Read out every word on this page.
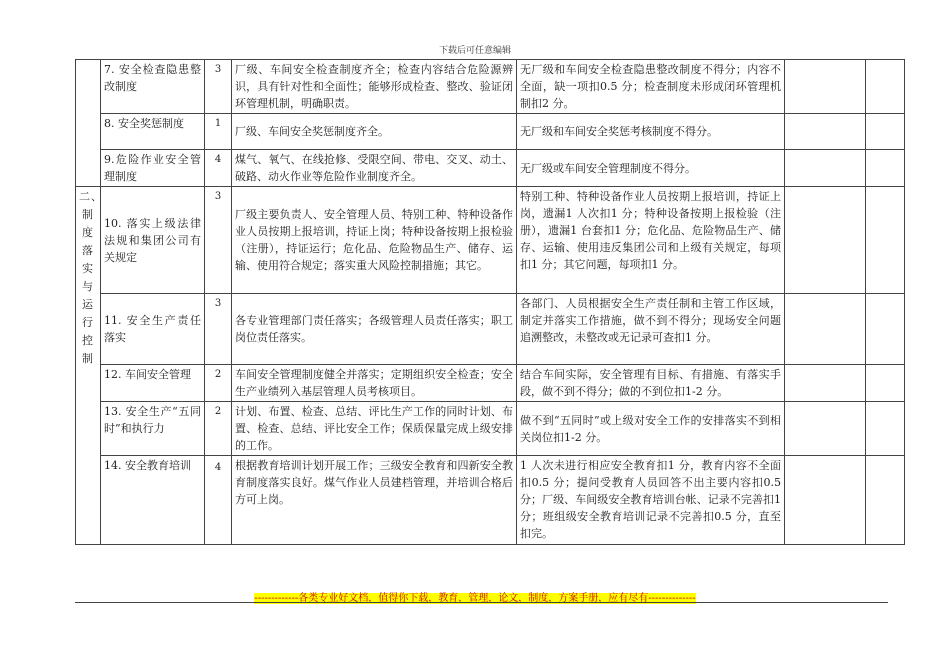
下载后可任意编辑
	7. 安全检查隐患整改制度	3	厂级、车间安全检查制度齐全；检查内容结合危险源辨识，具有针对性和全面性；能够形成检查、整改、验证闭环管理机制，明确职责。	无厂级和车间安全检查隐患整改制度不得分；内容不全面，缺一项扣0.5 分；检查制度未形成闭环管理机制扣2 分。		
	8. 安全奖惩制度	1	厂级、车间安全奖惩制度齐全。	无厂级和车间安全奖惩考核制度不得分。		
	9.危险作业安全管理制度	4	煤气、氧气、在线抢修、受限空间、带电、交叉、动土、破路、动火作业等危险作业制度齐全。	无厂级或车间安全管理制度不得分。		
二、制度落实与运行控制	10. 落实上级法律法规和集团公司有关规定	3	厂级主要负责人、安全管理人员、特别工种、特种设备作业人员按期上报培训，持证上岗；特种设备按期上报检验（注册），持证运行；危化品、危险物品生产、储存、运输、使用符合规定；落实重大风险控制措施；其它。	特别工种、特种设备作业人员按期上报培训，持证上岗，遗漏1 人次扣1 分；特种设备按期上报检验（注册），遗漏1 台套扣1 分；危化品、危险物品生产、储存、运输、使用违反集团公司和上级有关规定，每项扣1 分；其它问题，每项扣1 分。		
	11. 安全生产责任落实	3	各专业管理部门责任落实；各级管理人员责任落实；职工岗位责任落实。	各部门、人员根据安全生产责任制和主管工作区域，制定并落实工作措施，做不到不得分；现场安全问题追溯整改，未整改或无记录可查扣1 分。		
	12. 车间安全管理	2	车间安全管理制度健全并落实；定期组织安全检查；安全生产业绩列入基层管理人员考核项目。	结合车间实际，安全管理有目标、有措施、有落实手段，做不到不得分；做的不到位扣1-2 分。		
	13. 安全生产“五同时”和执行力	2	计划、布置、检查、总结、评比生产工作的同时计划、布置、检查、总结、评比安全工作；保质保量完成上级安排的工作。	做不到“五同时”或上级对安全工作的安排落实不到相关岗位扣1-2 分。		
	14. 安全教育培训	4	根据教育培训计划开展工作；三级安全教育和四新安全教育制度落实良好。煤气作业人员建档管理，并培训合格后方可上岗。	1 人次未进行相应安全教育扣1 分，教育内容不全面扣0.5 分；提问受教育人员回答不出主要内容扣0.5 分；厂级、车间级安全教育培训台帐、记录不完善扣1 分；班组级安全教育培训记录不完善扣0.5 分，直至扣完。		
-------------各类专业好文档，值得你下载，教育，管理，论文，制度，方案手册，应有尽有--------------
